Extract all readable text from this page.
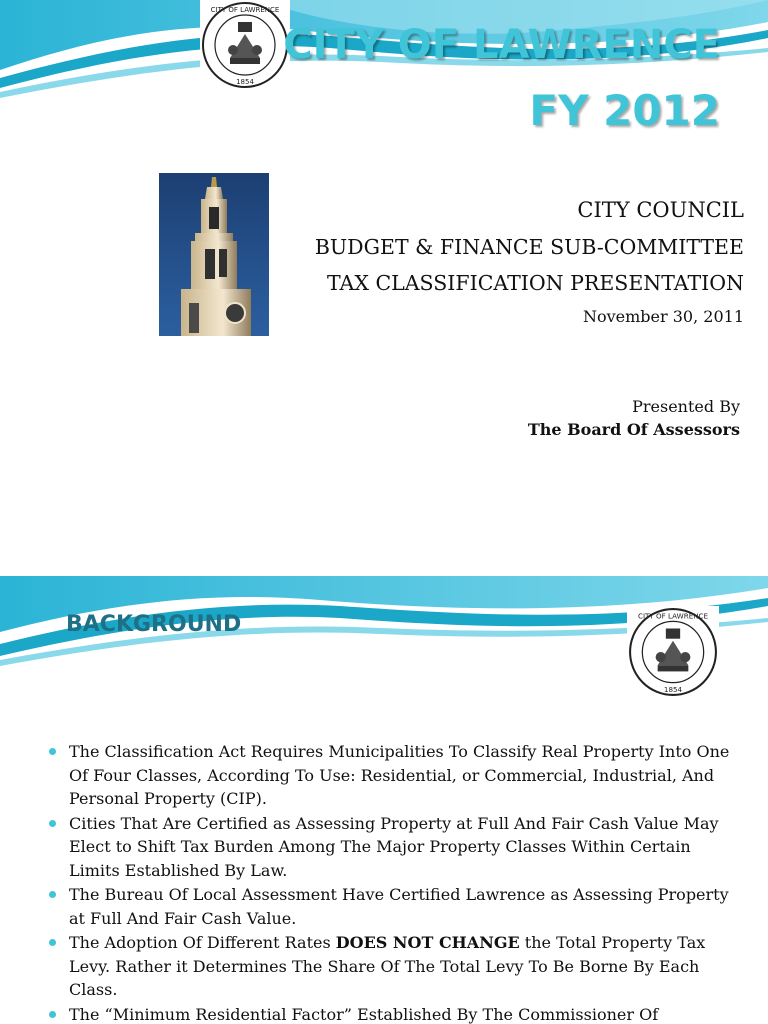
CITY OF LAWRENCE
1854
CITY OF LAWRENCE
FY 2012
CITY COUNCIL
BUDGET & FINANCE SUB-COMMITTEE
TAX CLASSIFICATION PRESENTATION
November 30, 2011
Presented By
The Board Of Assessors
BACKGROUND	CITY OF LAWRENCE
1854
The Classification Act Requires Municipalities To Classify Real Property Into One Of Four Classes, According To Use: Residential, or Commercial, Industrial, And Personal Property (CIP).
Cities That Are Certified as Assessing Property at Full And Fair Cash Value May Elect to Shift Tax Burden Among The Major Property Classes Within Certain Limits Established By Law.
The Bureau Of Local Assessment Have Certified Lawrence as Assessing Property at Full And Fair Cash Value.
The Adoption Of Different Rates DOES NOT CHANGE the Total Property Tax Levy. Rather it Determines The Share Of The Total Levy To Be Borne By Each Class.
The “Minimum Residential Factor” Established By The Commissioner Of
